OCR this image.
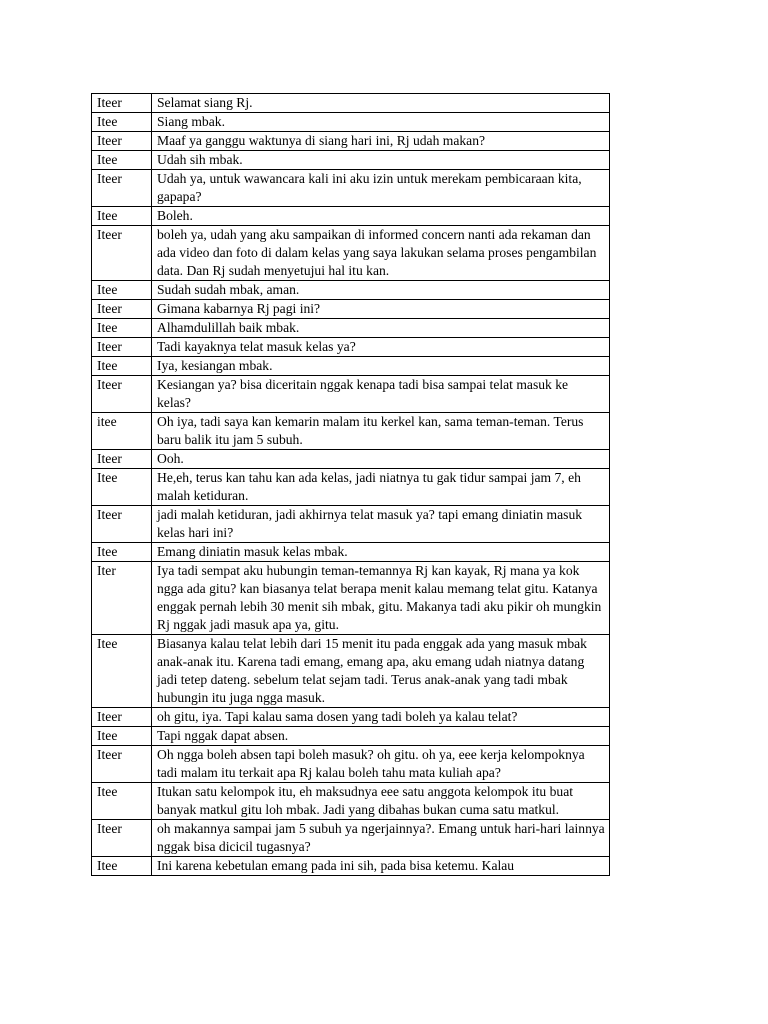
Iteer	Selamat siang Rj.
Itee	Siang mbak.
Iteer	Maaf ya ganggu waktunya di siang hari ini, Rj udah makan?
Itee	Udah sih mbak.
Iteer	Udah ya, untuk wawancara kali ini aku izin untuk merekam pembicaraan kita, gapapa?
Itee	Boleh.
Iteer	boleh ya, udah yang aku sampaikan di informed concern nanti ada rekaman dan ada video dan foto di dalam kelas yang saya lakukan selama proses pengambilan data. Dan Rj sudah menyetujui hal itu kan.
Itee	Sudah sudah mbak, aman.
Iteer	Gimana kabarnya Rj pagi ini?
Itee	Alhamdulillah baik mbak.
Iteer	Tadi kayaknya telat masuk kelas ya?
Itee	Iya, kesiangan mbak.
Iteer	Kesiangan ya? bisa diceritain nggak kenapa tadi bisa sampai telat masuk ke kelas?
itee	Oh iya, tadi saya kan kemarin malam itu kerkel kan, sama teman-teman. Terus baru balik itu jam 5 subuh.
Iteer	Ooh.
Itee	He,eh, terus kan tahu kan ada kelas, jadi niatnya tu gak tidur sampai jam 7, eh malah ketiduran.
Iteer	jadi malah ketiduran, jadi akhirnya telat masuk ya? tapi emang diniatin masuk kelas hari ini?
Itee	Emang diniatin masuk kelas mbak.
Iter	Iya tadi sempat aku hubungin teman-temannya Rj kan kayak, Rj mana ya kok ngga ada gitu? kan biasanya telat berapa menit kalau memang telat gitu. Katanya enggak pernah lebih 30 menit sih mbak, gitu. Makanya tadi aku pikir oh mungkin Rj nggak jadi masuk apa ya, gitu.
Itee	Biasanya kalau telat lebih dari 15 menit itu pada enggak ada yang masuk mbak anak-anak itu. Karena tadi emang, emang apa, aku emang udah niatnya datang jadi tetep dateng. sebelum telat sejam tadi. Terus anak-anak yang tadi mbak hubungin itu juga ngga masuk.
Iteer	oh gitu, iya. Tapi kalau sama dosen yang tadi boleh ya kalau telat?
Itee	Tapi nggak dapat absen.
Iteer	Oh ngga boleh absen tapi boleh masuk? oh gitu. oh ya, eee kerja kelompoknya tadi malam itu terkait apa Rj kalau boleh tahu mata kuliah apa?
Itee	Itukan satu kelompok itu, eh maksudnya eee satu anggota kelompok itu buat banyak matkul gitu loh mbak. Jadi yang dibahas bukan cuma satu matkul.
Iteer	oh makannya sampai jam 5 subuh ya ngerjainnya?. Emang untuk hari-hari lainnya nggak bisa dicicil tugasnya?
Itee	Ini karena kebetulan emang pada ini sih, pada bisa ketemu. Kalau
